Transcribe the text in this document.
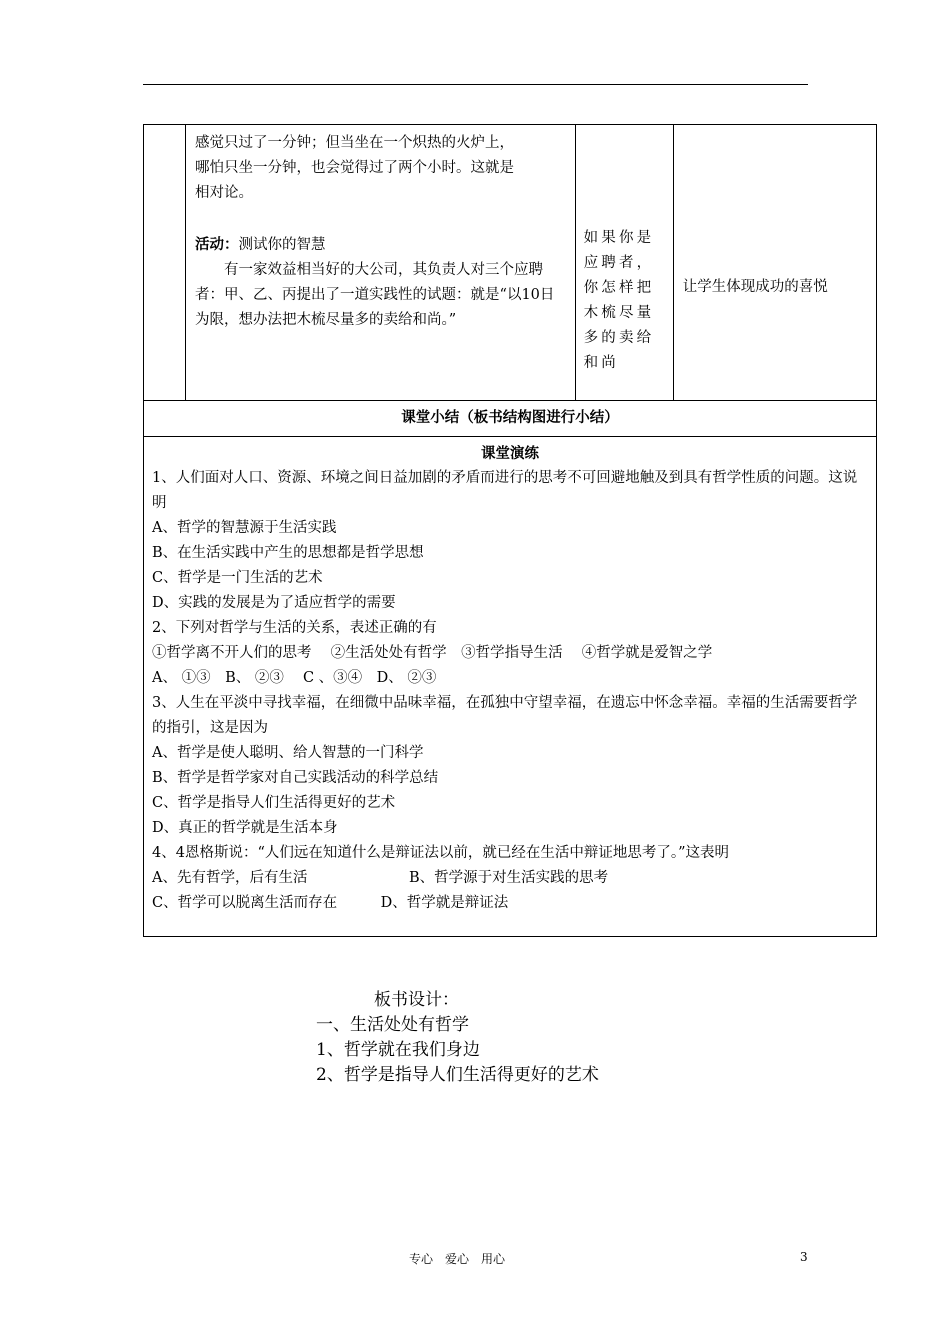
感觉只过了一分钟；但当坐在一个炽热的火炉上，
哪怕只坐一分钟，也会觉得过了两个小时。这就是
相对论。
活动：测试你的智慧
有一家效益相当好的大公司，其负责人对三个应聘者：甲、乙、丙提出了一道实践性的试题：就是“以10日为限，想办法把木梳尽量多的卖给和尚。”

如果你是应聘者，你怎样把木梳尽量多的卖给和尚

让学生体现成功的喜悦

课堂小结（板书结构图进行小结）

课堂演练

1、人们面对人口、资源、环境之间日益加剧的矛盾而进行的思考不可回避地触及到具有哲学性质的问题。这说明

A、哲学的智慧源于生活实践

B、在生活实践中产生的思想都是哲学思想

C、哲学是一门生活的艺术

D、实践的发展是为了适应哲学的需要

2、下列对哲学与生活的关系，表述正确的有

①哲学离不开人们的思考　 ②生活处处有哲学　③哲学指导生活　 ④哲学就是爱智之学

A、 ①③　B、 ②③　 C 、③④　D、 ②③

3、人生在平淡中寻找幸福，在细微中品味幸福，在孤独中守望幸福，在遗忘中怀念幸福。幸福的生活需要哲学的指引，这是因为

A、哲学是使人聪明、给人智慧的一门科学

B、哲学是哲学家对自己实践活动的科学总结

C、哲学是指导人们生活得更好的艺术

D、真正的哲学就是生活本身

4、4恩格斯说：“人们远在知道什么是辩证法以前，就已经在生活中辩证地思考了。”这表明

A、先有哲学，后有生活　　　　　　　B、哲学源于对生活实践的思考

C、哲学可以脱离生活而存在　　　D、哲学就是辩证法

板书设计：
一、生活处处有哲学
1、哲学就在我们身边
2、哲学是指导人们生活得更好的艺术
专心　爱心　用心	3
